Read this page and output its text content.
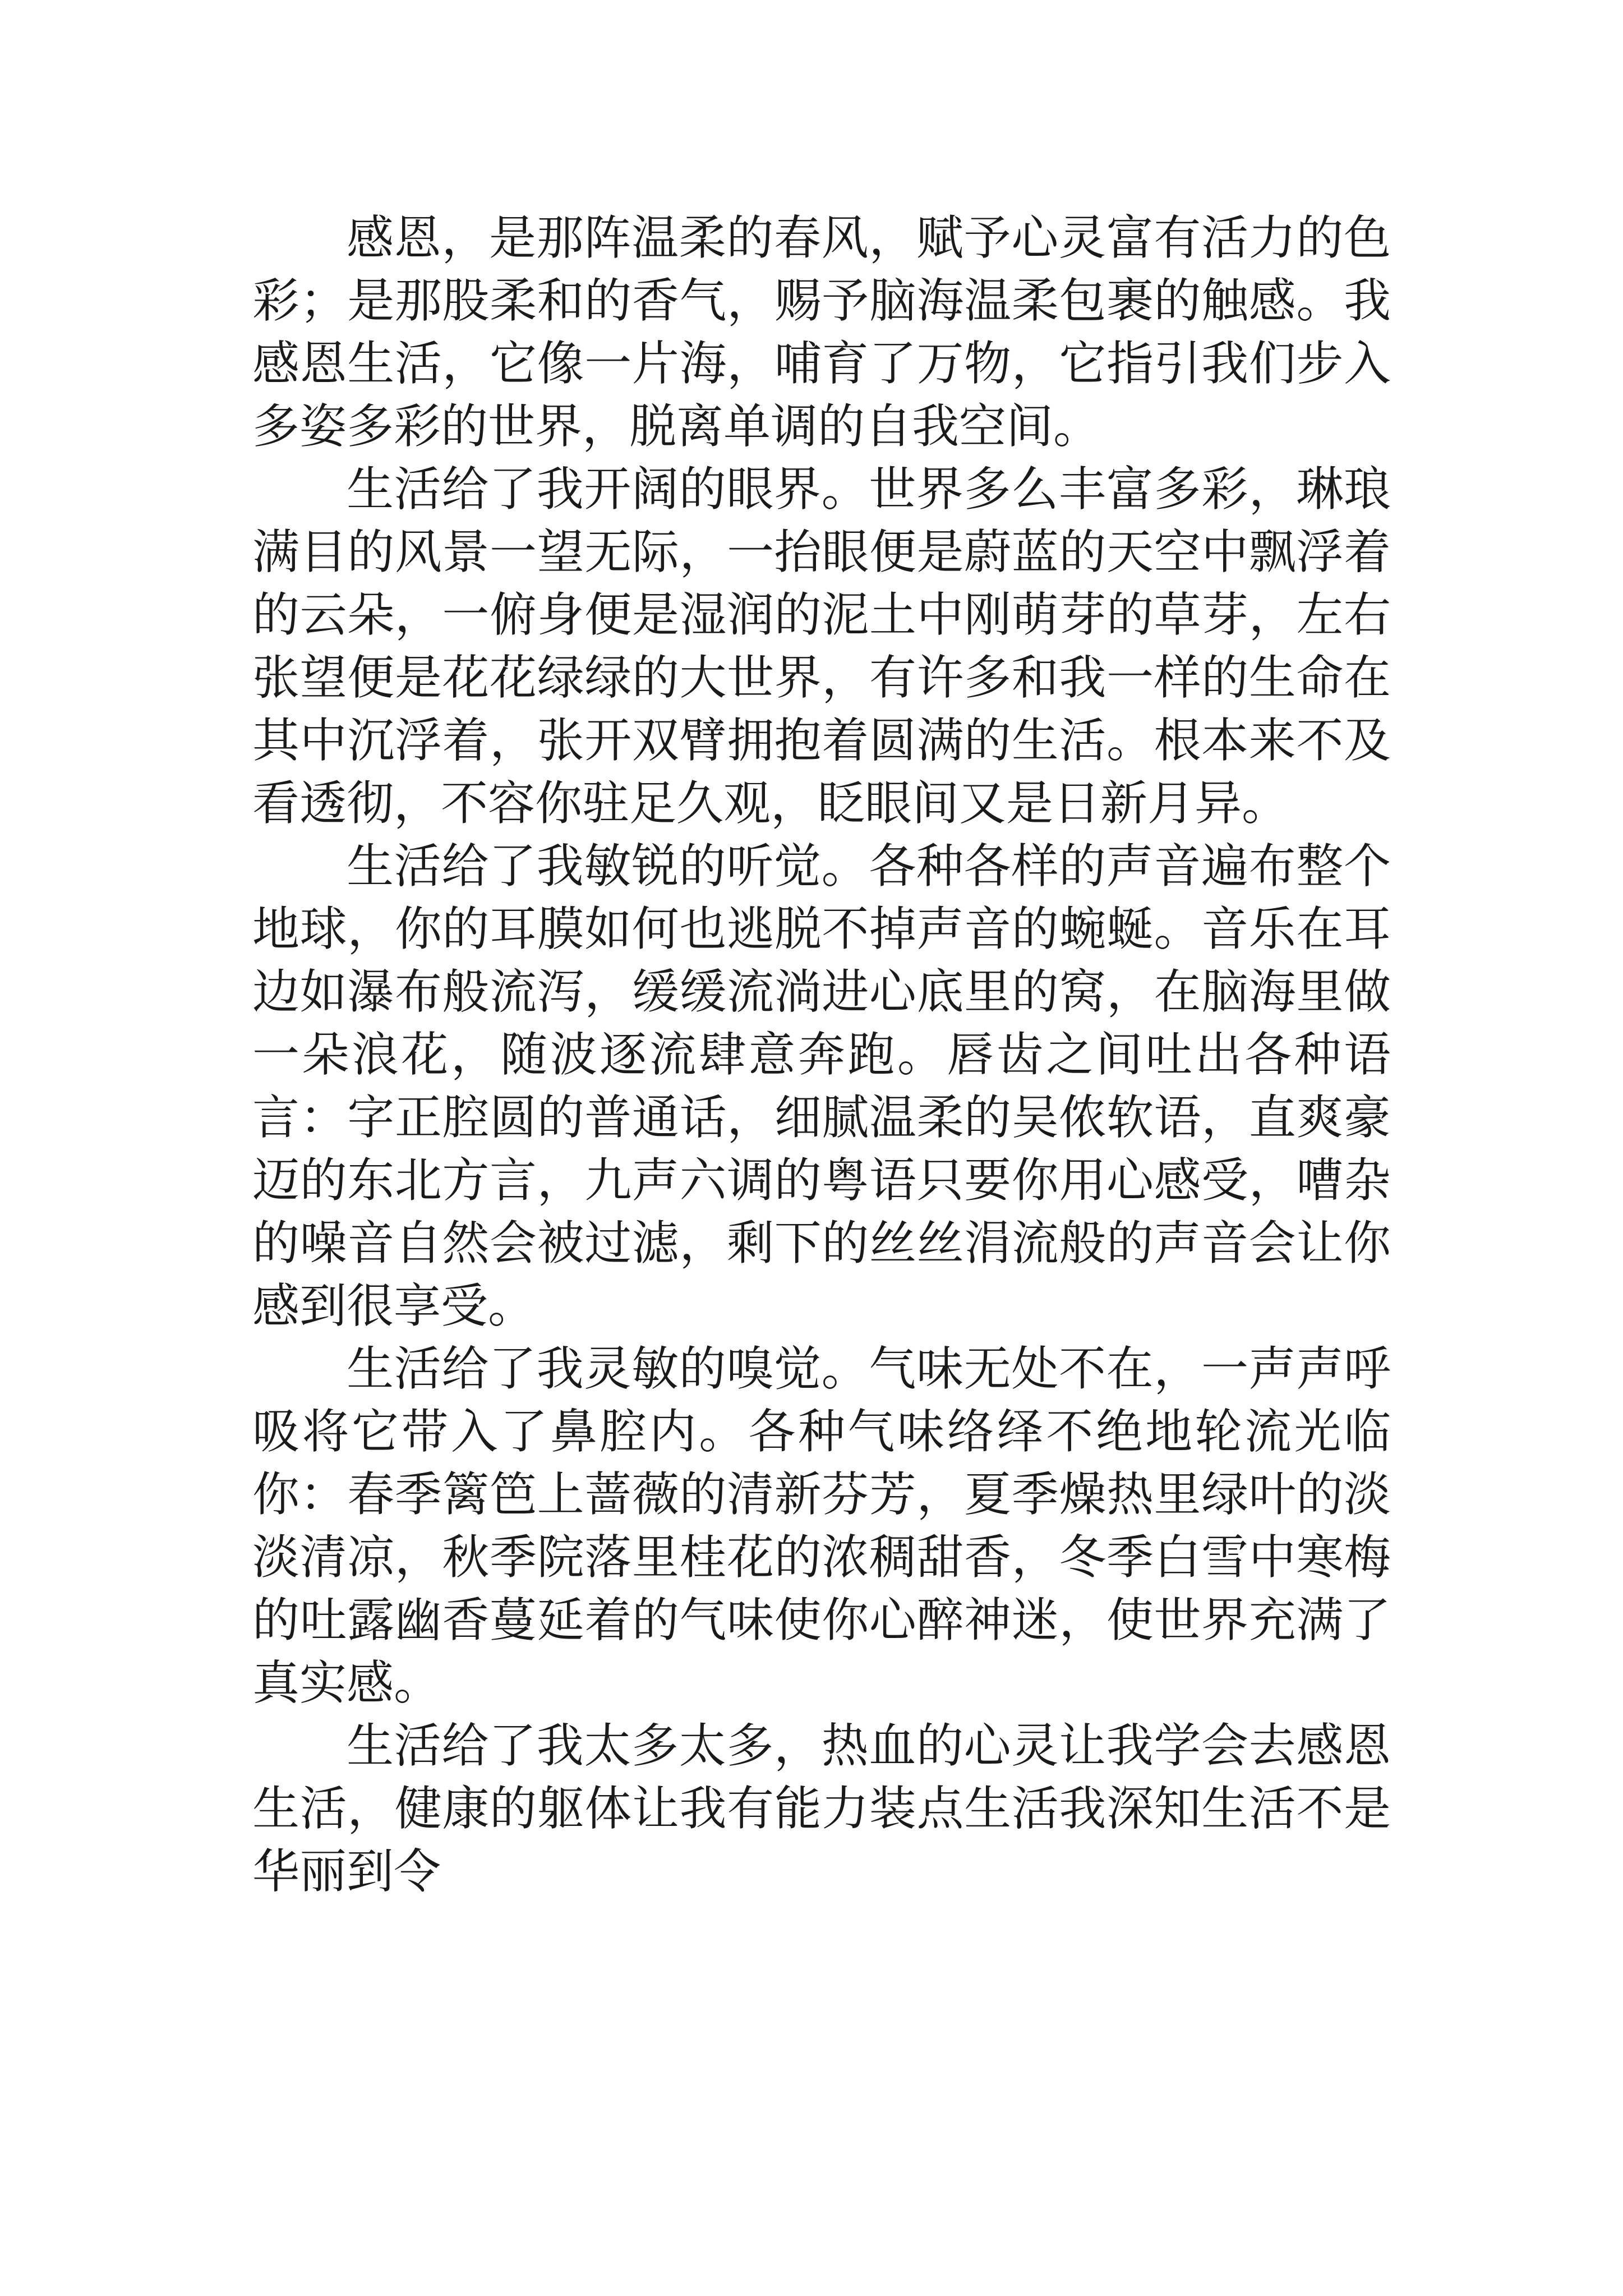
感恩，是那阵温柔的春风，赋予心灵富有活力的色彩；是那股柔和的香气，赐予脑海温柔包裹的触感。我感恩生活，它像一片海，哺育了万物，它指引我们步入多姿多彩的世界，脱离单调的自我空间。

生活给了我开阔的眼界。世界多么丰富多彩，琳琅满目的风景一望无际，一抬眼便是蔚蓝的天空中飘浮着的云朵，一俯身便是湿润的泥土中刚萌芽的草芽，左右张望便是花花绿绿的大世界，有许多和我一样的生命在其中沉浮着，张开双臂拥抱着圆满的生活。根本来不及看透彻，不容你驻足久观，眨眼间又是日新月异。

生活给了我敏锐的听觉。各种各样的声音遍布整个地球，你的耳膜如何也逃脱不掉声音的蜿蜒。音乐在耳边如瀑布般流泻，缓缓流淌进心底里的窝，在脑海里做一朵浪花，随波逐流肆意奔跑。唇齿之间吐出各种语言：字正腔圆的普通话，细腻温柔的吴侬软语，直爽豪迈的东北方言，九声六调的粤语只要你用心感受，嘈杂的噪音自然会被过滤，剩下的丝丝涓流般的声音会让你感到很享受。

生活给了我灵敏的嗅觉。气味无处不在，一声声呼吸将它带入了鼻腔内。各种气味络绎不绝地轮流光临你：春季篱笆上蔷薇的清新芬芳，夏季燥热里绿叶的淡淡清凉，秋季院落里桂花的浓稠甜香，冬季白雪中寒梅的吐露幽香蔓延着的气味使你心醉神迷，使世界充满了真实感。

生活给了我太多太多，热血的心灵让我学会去感恩生活，健康的躯体让我有能力装点生活我深知生活不是华丽到令
